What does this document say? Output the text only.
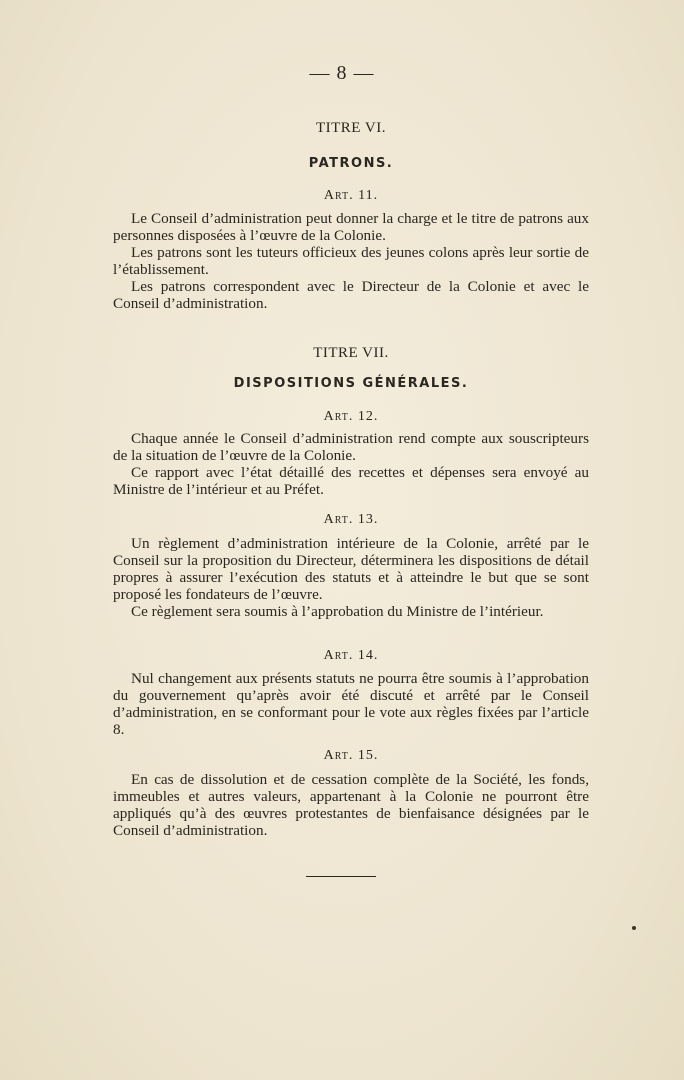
— 8 —
TITRE VI.
PATRONS.
Art. 11.

Le Conseil d’administration peut donner la charge et le titre de patrons aux personnes disposées à l’œuvre de la Colonie.

Les patrons sont les tuteurs officieux des jeunes colons après leur sortie de l’établissement.

Les patrons correspondent avec le Directeur de la Colonie et avec le Conseil d’administration.

TITRE VII.
DISPOSITIONS GÉNÉRALES.
Art. 12.

Chaque année le Conseil d’administration rend compte aux souscripteurs de la situation de l’œuvre de la Colonie.

Ce rapport avec l’état détaillé des recettes et dépenses sera envoyé au Ministre de l’intérieur et au Préfet.

Art. 13.

Un règlement d’administration intérieure de la Colonie, arrêté par le Conseil sur la proposition du Directeur, déterminera les dispositions de détail propres à assurer l’exécution des statuts et à atteindre le but que se sont proposé les fondateurs de l’œuvre.

Ce règlement sera soumis à l’approbation du Ministre de l’intérieur.

Art. 14.

Nul changement aux présents statuts ne pourra être soumis à l’approbation du gouvernement qu’après avoir été discuté et arrêté par le Conseil d’administration, en se conformant pour le vote aux règles fixées par l’article 8.

Art. 15.

En cas de dissolution et de cessation complète de la Société, les fonds, immeubles et autres valeurs, appartenant à la Colonie ne pourront être appliqués qu’à des œuvres protestantes de bienfaisance désignées par le Conseil d’administration.
